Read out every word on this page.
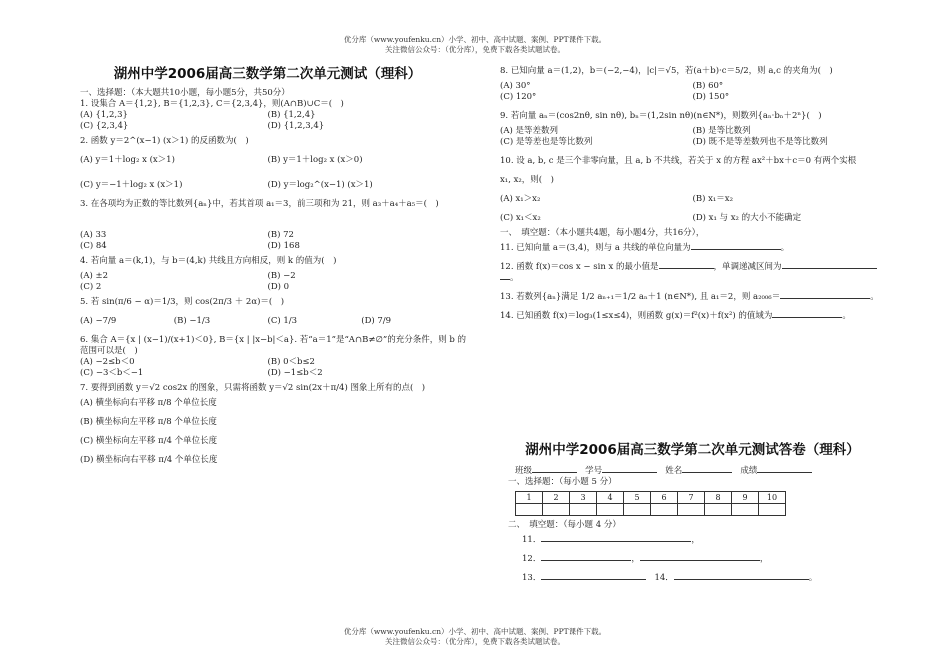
优分库（www.youfenku.cn）小学、初中、高中试题、案例、PPT课件下载。
关注微信公众号：（优分库），免费下载各类试题试卷。
湖州中学2006届高三数学第二次单元测试（理科）
一、选择题：（本大题共10小题，每小题5分，共50分）
1. 设集合 A＝{1,2}, B＝{1,2,3}, C＝{2,3,4}，则(A∩B)∪C＝(　)
(A) {1,2,3}	(B) {1,2,4}
(C) {2,3,4}	(D) {1,2,3,4}
2. 函数 y＝2^(x−1) (x＞1) 的反函数为(　)
(A) y＝1＋log₂ x (x＞1)	(B) y＝1＋log₂ x (x＞0)
(C) y＝−1＋log₂ x (x＞1)	(D) y＝log₂^(x−1) (x＞1)
3. 在各项均为正数的等比数列{aₙ}中，若其首项 a₁＝3，前三项和为 21，则 a₃＋a₄＋a₅＝(　)
(A) 33	(B) 72
(C) 84	(D) 168
4. 若向量 a＝(k,1)，与 b＝(4,k) 共线且方向相反，则 k 的值为(　)
(A) ±2	(B) −2
(C) 2	(D) 0
5. 若 sin(π/6 − α)＝1/3，则 cos(2π/3 ＋ 2α)＝(　)
(A) −7/9	(B) −1/3	(C) 1/3	(D) 7/9
6. 集合 A＝{x | (x−1)/(x+1)＜0}, B＝{x | |x−b|＜a}. 若“a＝1”是“A∩B≠∅”的充分条件，则 b 的
范围可以是(　)
(A) −2≤b＜0	(B) 0＜b≤2
(C) −3＜b＜−1	(D) −1≤b＜2
7. 要得到函数 y＝√2 cos2x 的图象，只需将函数 y＝√2 sin(2x＋π/4) 图象上所有的点(　)
(A) 横坐标向右平移 π/8 个单位长度
(B) 横坐标向左平移 π/8 个单位长度
(C) 横坐标向左平移 π/4 个单位长度
(D) 横坐标向右平移 π/4 个单位长度
8. 已知向量 a＝(1,2)，b＝(−2,−4)，|c|＝√5，若(a＋b)·c＝5/2，则 a,c 的夹角为(　)
(A) 30°	(B) 60°
(C) 120°	(D) 150°
9. 若向量 aₙ＝(cos2nθ, sin nθ), bₙ＝(1,2sin nθ)(n∈N*)，则数列{aₙ·bₙ＋2ⁿ}(　)
(A) 是等差数列	(B) 是等比数列
(C) 是等差也是等比数列	(D) 既不是等差数列也不是等比数列
10. 设 a, b, c 是三个非零向量，且 a, b 不共线，若关于 x 的方程 ax²＋bx＋c＝0 有两个实根
x₁, x₂，则(　)
(A) x₁＞x₂	(B) x₁＝x₂
(C) x₁＜x₂	(D) x₁ 与 x₂ 的大小不能确定
一、　填空题：（本小题共4题，每小题4分，共16分），
11. 已知向量 a＝(3,4)，则与 a 共线的单位向量为	。
12. 函数 f(x)＝cos x − sin x 的最小值是	，单调递减区间为
。
13. 若数列{aₙ}满足 1/2 aₙ₊₁＝1/2 aₙ＋1 (n∈N*), 且 a₁＝2，则 a₂₀₀₆＝	。
14. 已知函数 f(x)＝log₃(1≤x≤4)，则函数 g(x)＝f²(x)＋f(x²) 的值域为	。
湖州中学2006届高三数学第二次单元测试答卷（理科）
班级	学号	姓名	成绩
一、选择题：（每小题 5 分）
1	2	3	4	5	6	7	8	9	10

二、　填空题：（每小题 4 分）
11．	，
12．	，	，
13．	14．	。
优分库（www.youfenku.cn）小学、初中、高中试题、案例、PPT课件下载。
关注微信公众号：（优分库），免费下载各类试题试卷。
